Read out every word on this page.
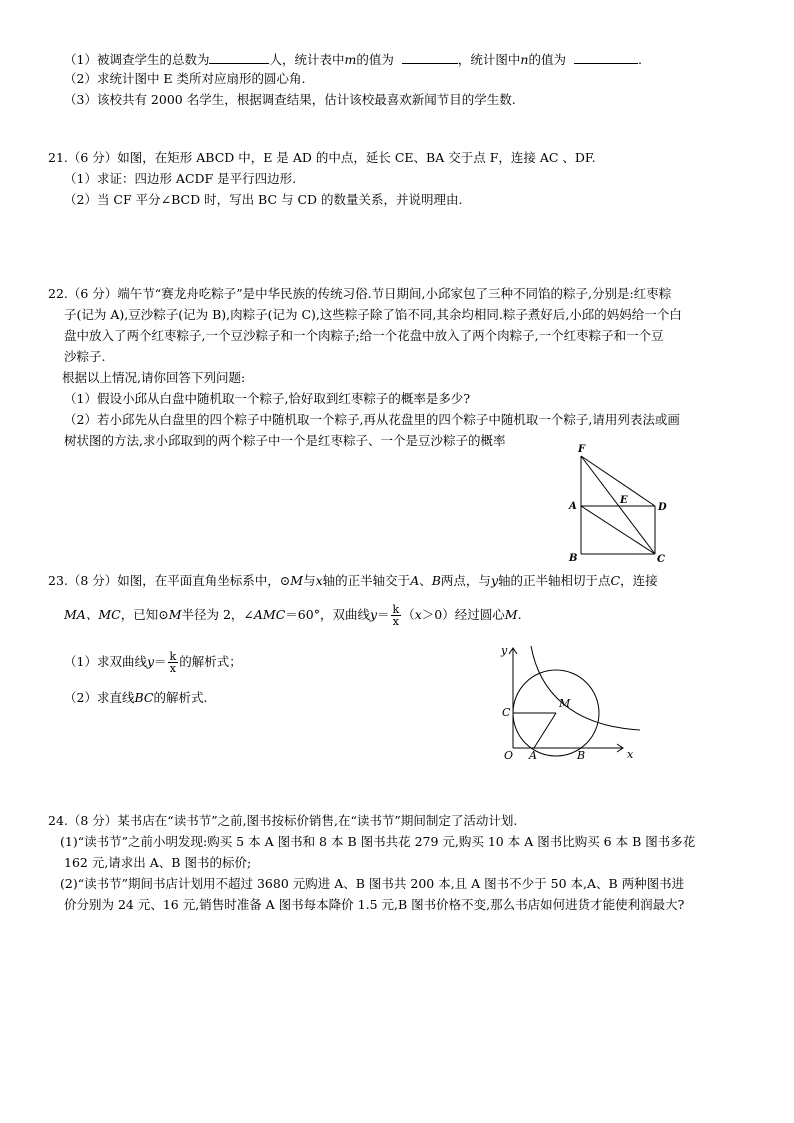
（1）被调查学生的总数为	人，统计表中m的值为	，统计图中n的值为	.
（2）求统计图中 E 类所对应扇形的圆心角.
（3）该校共有 2000 名学生，根据调查结果，估计该校最喜欢新闻节目的学生数.
21.（6 分）如图，在矩形 ABCD 中，E 是 AD 的中点，延长 CE、BA 交于点 F，连接 AC 、DF.
（1）求证：四边形 ACDF 是平行四边形.
（2）当 CF 平分∠BCD 时，写出 BC 与 CD 的数量关系，并说明理由.
22.（6 分）端午节“赛龙舟吃粽子”是中华民族的传统习俗.节日期间,小邱家包了三种不同馅的粽子,分别是:红枣粽
子(记为 A),豆沙粽子(记为 B),肉粽子(记为 C),这些粽子除了馅不同,其余均相同.粽子煮好后,小邱的妈妈给一个白
盘中放入了两个红枣粽子,一个豆沙粽子和一个肉粽子;给一个花盘中放入了两个肉粽子,一个红枣粽子和一个豆
沙粽子.
根据以上情况,请你回答下列问题:
（1）假设小邱从白盘中随机取一个粽子,恰好取到红枣粽子的概率是多少?
（2）若小邱先从白盘里的四个粽子中随机取一个粽子,再从花盘里的四个粽子中随机取一个粽子,请用列表法或画
树状图的方法,求小邱取到的两个粽子中一个是红枣粽子、一个是豆沙粽子的概率
F
A
E
D
B	C
23.（8 分）如图，在平面直角坐标系中，⊙M与x轴的正半轴交于A、B两点，与y轴的正半轴相切于点C，连接
MA、MC，已知⊙M半径为 2，∠AMC＝60°，双曲线$y= \frac{k}{x} (x>0)$经过圆心M.
（1）求双曲线$y= \frac{k}{x}$ 的解析式；
（2）求直线BC的解析式.
y
x
O A	B
C
M
24.（8 分）某书店在“读书节”之前,图书按标价销售,在“读书节”期间制定了活动计划.
(1)“读书节”之前小明发现:购买 5 本 A 图书和 8 本 B 图书共花 279 元,购买 10 本 A 图书比购买 6 本 B 图书多花
162 元,请求出 A、B 图书的标价;
(2)“读书节”期间书店计划用不超过 3680 元购进 A、B 图书共 200 本,且 A 图书不少于 50 本,A、B 两种图书进
价分别为 24 元、16 元,销售时准备 A 图书每本降价 1.5 元,B 图书价格不变,那么书店如何进货才能使利润最大?
